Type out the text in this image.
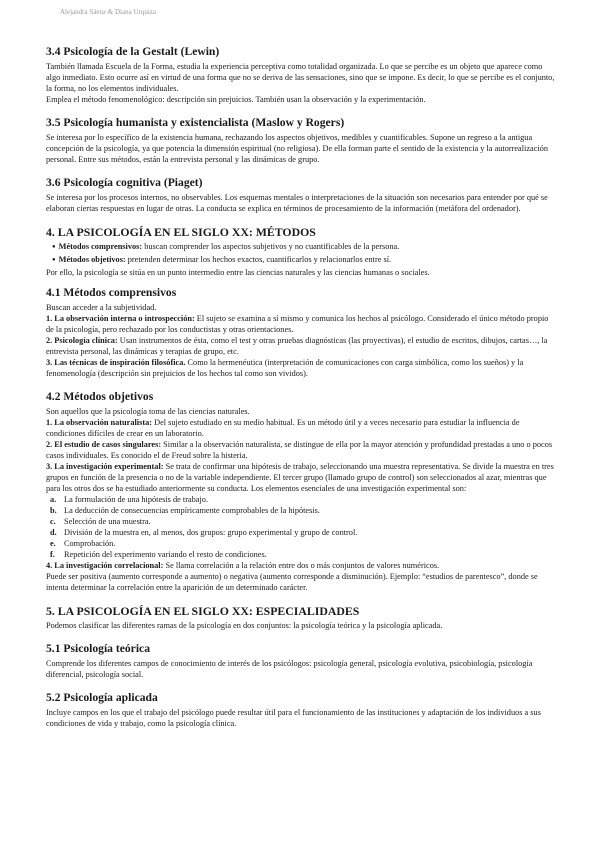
Alejandra Sáenz & Diana Urquiza
3.4 Psicología de la Gestalt (Lewin)

También llamada Escuela de la Forma, estudia la experiencia perceptiva como totalidad organizada. Lo que se percibe es un objeto que aparece como algo inmediato. Esto ocurre así en virtud de una forma que no se deriva de las sensaciones, sino que se impone. Es decir, lo que se percibe es el conjunto, la forma, no los elementos individuales.

Emplea el método fenomenológico: descripción sin prejuicios. También usan la observación y la experimentación.

3.5 Psicología humanista y existencialista (Maslow y Rogers)

Se interesa por lo específico de la existencia humana, rechazando los aspectos objetivos, medibles y cuantificables. Supone un regreso a la antigua concepción de la psicología, ya que potencia la dimensión espiritual (no religiosa). De ella forman parte el sentido de la existencia y la autorrealización personal. Entre sus métodos, están la entrevista personal y las dinámicas de grupo.

3.6 Psicología cognitiva (Piaget)

Se interesa por los procesos internos, no observables. Los esquemas mentales o interpretaciones de la situación son necesarios para entender por qué se elaboran ciertas respuestas en lugar de otras. La conducta se explica en términos de procesamiento de la información (metáfora del ordenador).

4. LA PSICOLOGÍA EN EL SIGLO XX: MÉTODOS
● Métodos comprensivos: buscan comprender los aspectos subjetivos y no cuantificables de la persona.
● Métodos objetivos: pretenden determinar los hechos exactos, cuantificarlos y relacionarlos entre sí.

Por ello, la psicología se sitúa en un punto intermedio entre las ciencias naturales y las ciencias humanas o sociales.

4.1 Métodos comprensivos

Buscan acceder a la subjetividad.

1. La observación interna o introspección: El sujeto se examina a sí mismo y comunica los hechos al psicólogo. Considerado el único método propio de la psicología, pero rechazado por los conductistas y otras orientaciones.

2. Psicología clínica: Usan instrumentos de ésta, como el test y otras pruebas diagnósticas (las proyectivas), el estudio de escritos, dibujos, cartas…, la entrevista personal, las dinámicas y terapias de grupo, etc.

3. Las técnicas de inspiración filosófica. Como la hermenéutica (interpretación de comunicaciones con carga simbólica, como los sueños) y la fenomenología (descripción sin prejuicios de los hechos tal como son vividos).

4.2 Métodos objetivos

Son aquellos que la psicología toma de las ciencias naturales.

1. La observación naturalista: Del sujeto estudiado en su medio habitual. Es un método útil y a veces necesario para estudiar la influencia de condiciones difíciles de crear en un laboratorio.

2. El estudio de casos singulares: Similar a la observación naturalista, se distingue de ella por la mayor atención y profundidad prestadas a uno o pocos casos individuales. Es conocido el de Freud sobre la histeria.

3. La investigación experimental: Se trata de confirmar una hipótesis de trabajo, seleccionando una muestra representativa. Se divide la muestra en tres grupos en función de la presencia o no de la variable independiente. El tercer grupo (llamado grupo de control) son seleccionados al azar, mientras que para los otros dos se ha estudiado anteriormente su conducta. Los elementos esenciales de una investigación experimental son:

a. La formulación de una hipótesis de trabajo.
b. La deducción de consecuencias empíricamente comprobables de la hipótesis.
c. Selección de una muestra.
d. División de la muestra en, al menos, dos grupos: grupo experimental y grupo de control.
e. Comprobación.
f. Repetición del experimento variando el resto de condiciones.

4. La investigación correlacional: Se llama correlación a la relación entre dos o más conjuntos de valores numéricos.

Puede ser positiva (aumento corresponde a aumento) o negativa (aumento corresponde a disminución). Ejemplo: “estudios de parentesco”, donde se intenta determinar la correlación entre la aparición de un determinado carácter.

5. LA PSICOLOGÍA EN EL SIGLO XX: ESPECIALIDADES

Podemos clasificar las diferentes ramas de la psicología en dos conjuntos: la psicología teórica y la psicología aplicada.

5.1 Psicología teórica

Comprende los diferentes campos de conocimiento de interés de los psicólogos: psicología general, psicología evolutiva, psicobiología, psicología diferencial, psicología social.

5.2 Psicología aplicada

Incluye campos en los que el trabajo del psicólogo puede resultar útil para el funcionamiento de las instituciones y adaptación de los individuos a sus condiciones de vida y trabajo, como la psicología clínica.
